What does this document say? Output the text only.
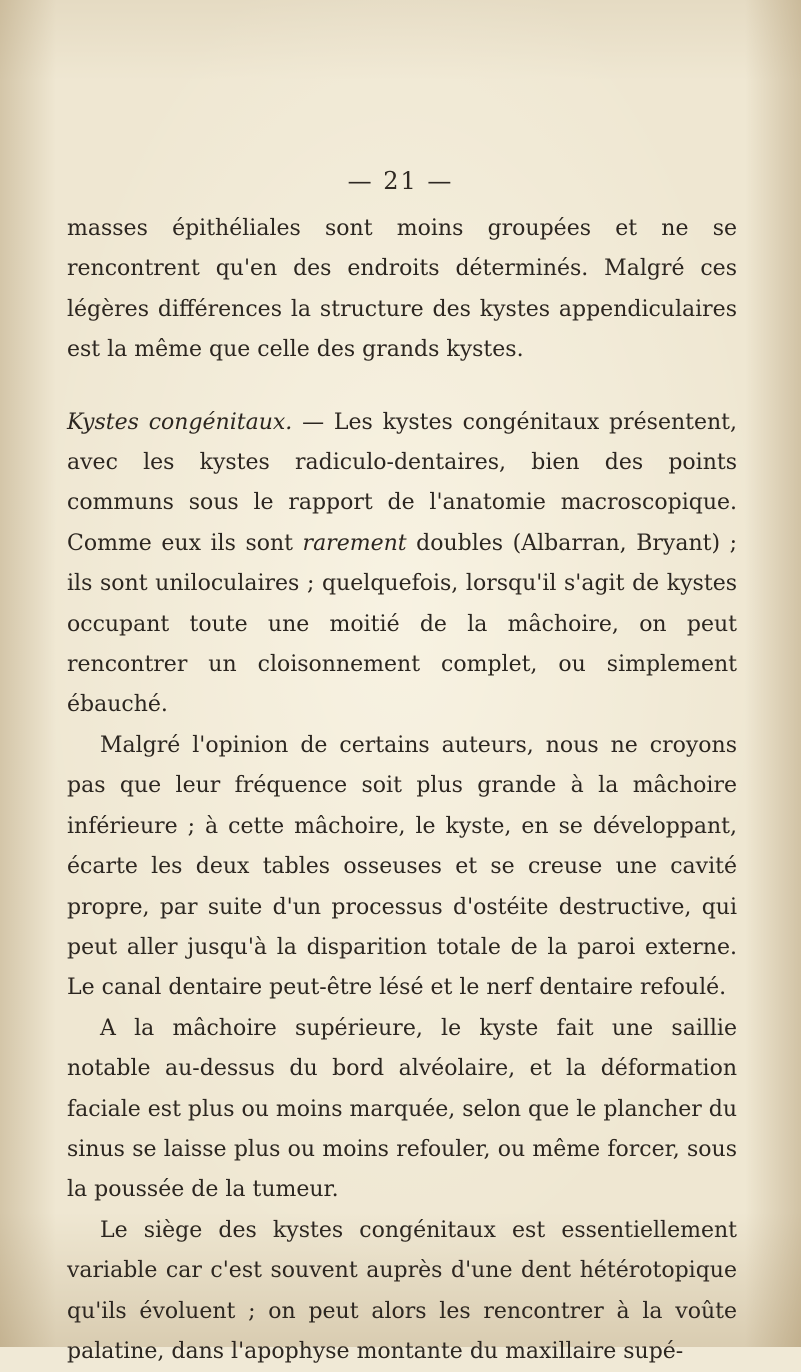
— 21 —

masses épithéliales sont moins groupées et ne se rencontrent qu'en des endroits déterminés. Malgré ces légères différences la structure des kystes appendiculaires est la même que celle des grands kystes.

Kystes congénitaux. — Les kystes congénitaux présentent, avec les kystes radiculo-dentaires, bien des points communs sous le rapport de l'anatomie macroscopique. Comme eux ils sont rarement doubles (Albarran, Bryant) ; ils sont uniloculaires ; quelquefois, lorsqu'il s'agit de kystes occupant toute une moitié de la mâchoire, on peut rencontrer un cloisonnement complet, ou simplement ébauché.

Malgré l'opinion de certains auteurs, nous ne croyons pas que leur fréquence soit plus grande à la mâchoire inférieure ; à cette mâchoire, le kyste, en se développant, écarte les deux tables osseuses et se creuse une cavité propre, par suite d'un processus d'ostéite destructive, qui peut aller jusqu'à la disparition totale de la paroi externe. Le canal dentaire peut-être lésé et le nerf dentaire refoulé.

A la mâchoire supérieure, le kyste fait une saillie notable au-dessus du bord alvéolaire, et la déformation faciale est plus ou moins marquée, selon que le plancher du sinus se laisse plus ou moins refouler, ou même forcer, sous la poussée de la tumeur.

Le siège des kystes congénitaux est essentiellement variable car c'est souvent auprès d'une dent hétérotopique qu'ils évoluent ; on peut alors les rencontrer à la voûte palatine, dans l'apophyse montante du maxillaire supé-
